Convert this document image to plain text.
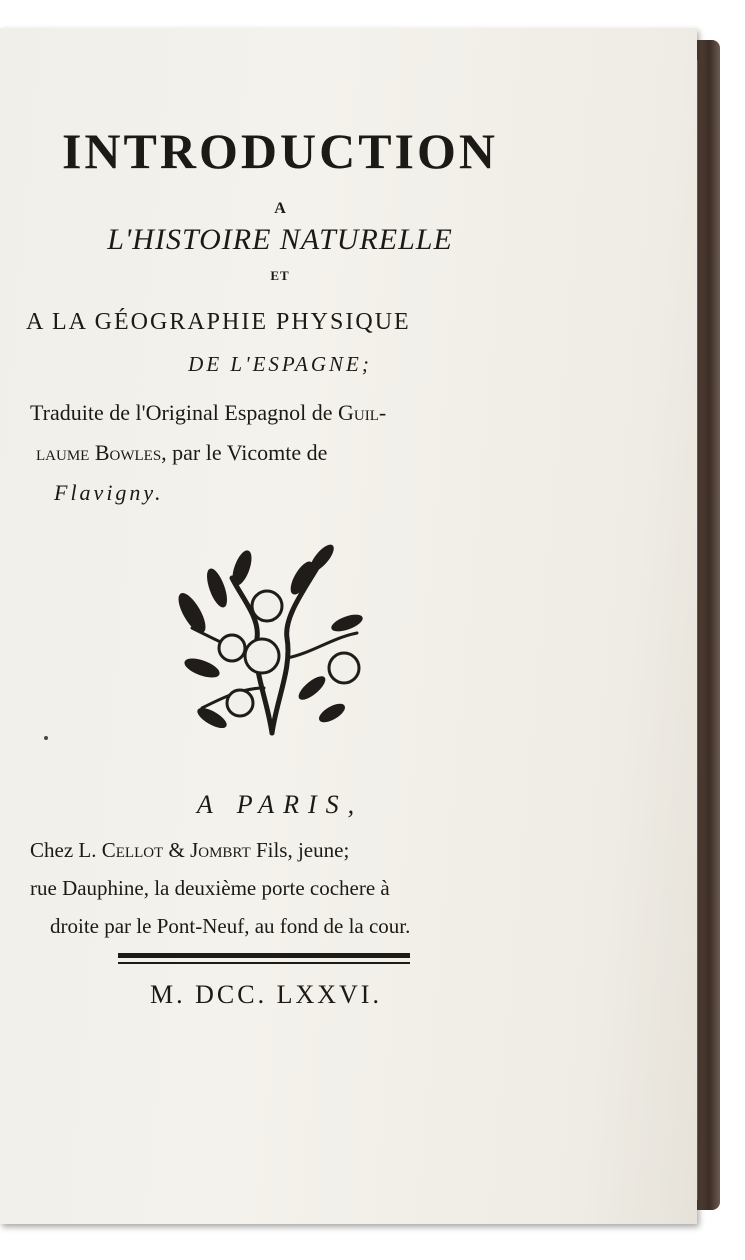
INTRODUCTION
A
L'HISTOIRE NATURELLE
ET
A LA GÉOGRAPHIE PHYSIQUE
DE L'ESPAGNE;
Traduite de l'Original Espagnol de Guil-
laume Bowles, par le Vicomte de
Flavigny.
A PARIS,
Chez L. Cellot & Jombrt Fils, jeune;
rue Dauphine, la deuxième porte cochere à
droite par le Pont-Neuf, au fond de la cour.
M. DCC. LXXVI.
